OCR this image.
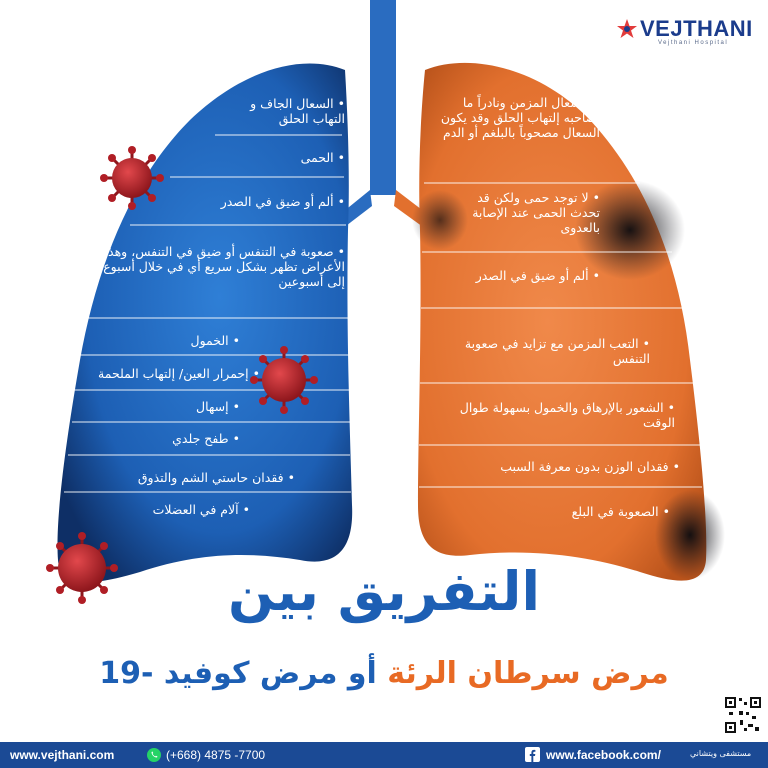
VEJTHANI
Vejthani Hospital
• السعال الجاف و التهاب الحلق
• الحمى
• ألم أو ضيق في الصدر
• صعوبة في التنفس أو ضيق في التنفس، وهذه الأعراض تظهر بشكل سريع أي في خلال أسبوع إلى أسبوعين
• الخمول
• إحمرار العين/ إلتهاب الملحمة
• إسهال
• طفح جلدي
• فقدان حاستي الشم والتذوق
• آلام في العضلات
• السعال المزمن ونادراً ما يصاحبه إلتهاب الحلق وقد يكون السعال مصحوباً بالبلغم أو الدم
• لا توجد حمى ولكن قد تحدث الحمى عند الإصابة بالعدوى
• ألم أو ضيق في الصدر
• التعب المزمن مع تزايد في صعوبة التنفس
• الشعور بالإرهاق والخمول بسهولة طوال الوقت
• فقدان الوزن بدون معرفة السبب
• الصعوبة في البلع
التفريق بين
مرض سرطان الرئة أو مرض كوفيد -19
www.vejthani.com	(+668) 4875 -7700	www.facebook.com/	مستشفى ويتشاني
